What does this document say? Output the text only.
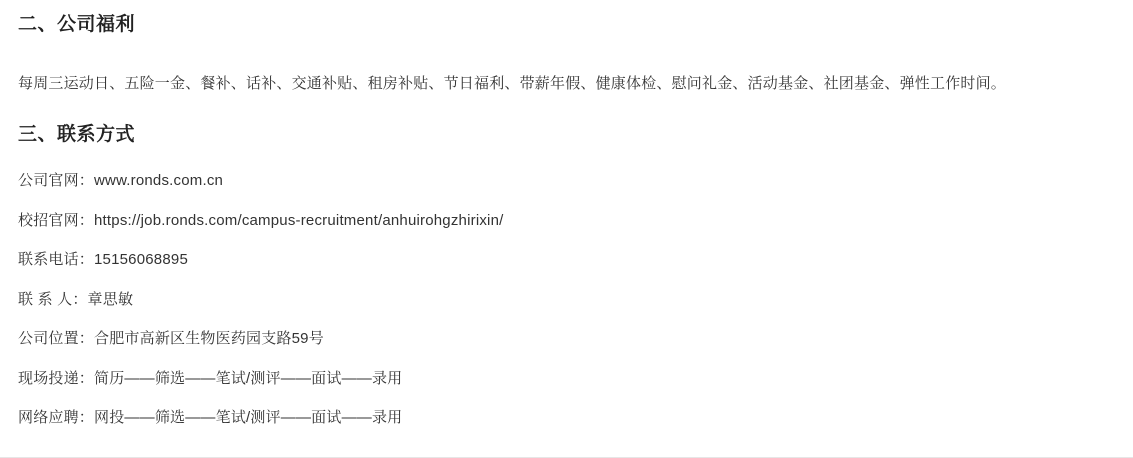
二、公司福利

每周三运动日、五险一金、餐补、话补、交通补贴、租房补贴、节日福利、带薪年假、健康体检、慰问礼金、活动基金、社团基金、弹性工作时间。

三、联系方式
公司官网：www.ronds.com.cn
校招官网：https://job.ronds.com/campus-recruitment/anhuirohgzhirixin/
联系电话：15156068895
联 系 人：章思敏
公司位置：合肥市高新区生物医药园支路59号
现场投递：简历——筛选——笔试/测评——面试——录用
网络应聘：网投——筛选——笔试/测评——面试——录用
